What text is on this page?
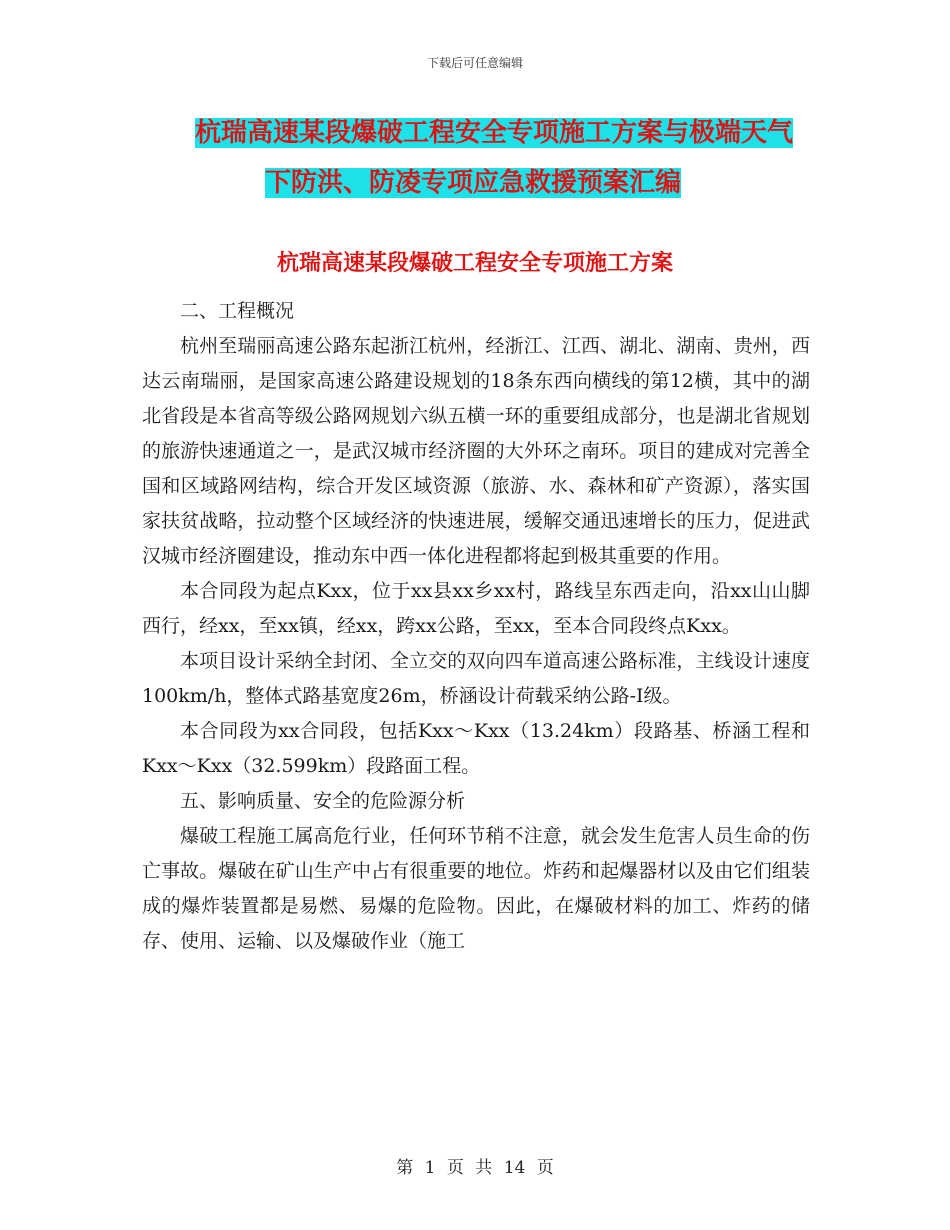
下载后可任意编辑
杭瑞高速某段爆破工程安全专项施工方案与极端天气
下防洪、防凌专项应急救援预案汇编
杭瑞高速某段爆破工程安全专项施工方案

二、工程概况

杭州至瑞丽高速公路东起浙江杭州，经浙江、江西、湖北、湖南、贵州，西达云南瑞丽，是国家高速公路建设规划的18条东西向横线的第12横，其中的湖北省段是本省高等级公路网规划六纵五横一环的重要组成部分，也是湖北省规划的旅游快速通道之一，是武汉城市经济圈的大外环之南环。项目的建成对完善全国和区域路网结构，综合开发区域资源（旅游、水、森林和矿产资源），落实国家扶贫战略，拉动整个区域经济的快速进展，缓解交通迅速增长的压力，促进武汉城市经济圈建设，推动东中西一体化进程都将起到极其重要的作用。

本合同段为起点Kxx，位于xx县xx乡xx村，路线呈东西走向，沿xx山山脚西行，经xx，至xx镇，经xx，跨xx公路，至xx，至本合同段终点Kxx。

本项目设计采纳全封闭、全立交的双向四车道高速公路标准，主线设计速度100km/h，整体式路基宽度26m，桥涵设计荷载采纳公路-I级。

本合同段为xx合同段，包括Kxx～Kxx（13.24km）段路基、桥涵工程和Kxx～Kxx（32.599km）段路面工程。

五、影响质量、安全的危险源分析

爆破工程施工属高危行业，任何环节稍不注意，就会发生危害人员生命的伤亡事故。爆破在矿山生产中占有很重要的地位。炸药和起爆器材以及由它们组装成的爆炸装置都是易燃、易爆的危险物。因此，在爆破材料的加工、炸药的储存、使用、运输、以及爆破作业（施工

第 1 页 共 14 页
